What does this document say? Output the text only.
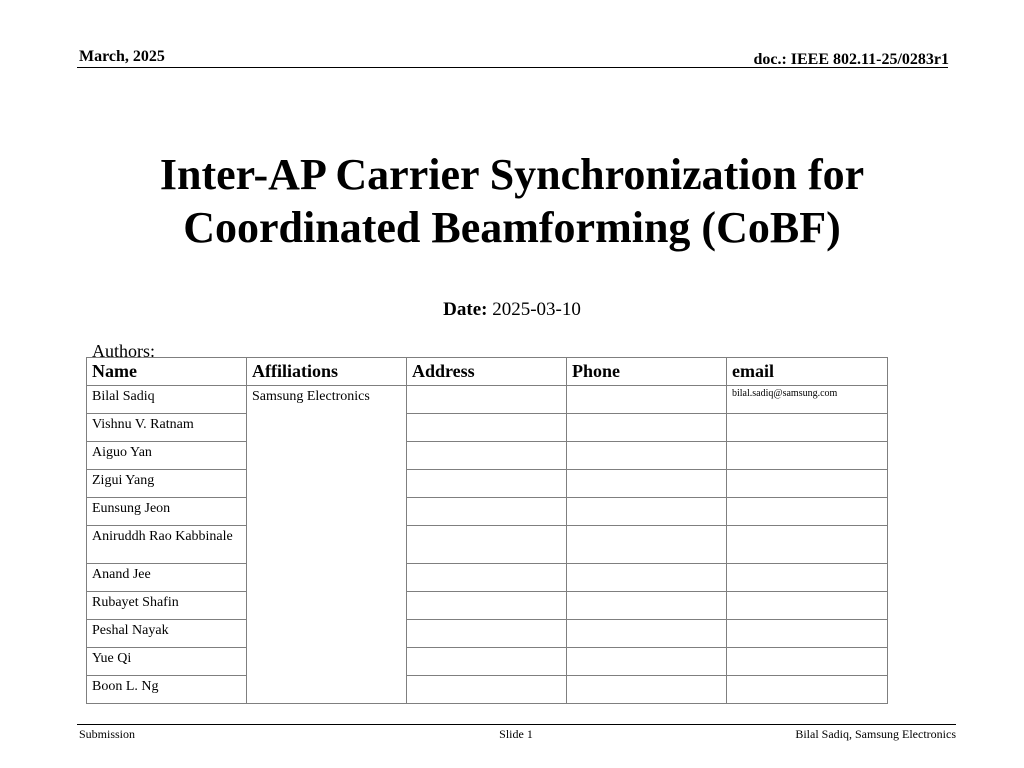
March, 2025	doc.: IEEE 802.11-25/0283r1
Inter-AP Carrier Synchronization for
Coordinated Beamforming (CoBF)
Date: 2025-03-10
Authors:
Name	Affiliations	Address	Phone	email
Bilal Sadiq	Samsung Electronics			bilal.sadiq@samsung.com
Vishnu V. Ratnam				
Aiguo Yan				
Zigui Yang				
Eunsung Jeon				
Aniruddh Rao Kabbinale				
Anand Jee				
Rubayet Shafin				
Peshal Nayak				
Yue Qi				
Boon L. Ng				
Submission	Slide 1	Bilal Sadiq, Samsung Electronics
